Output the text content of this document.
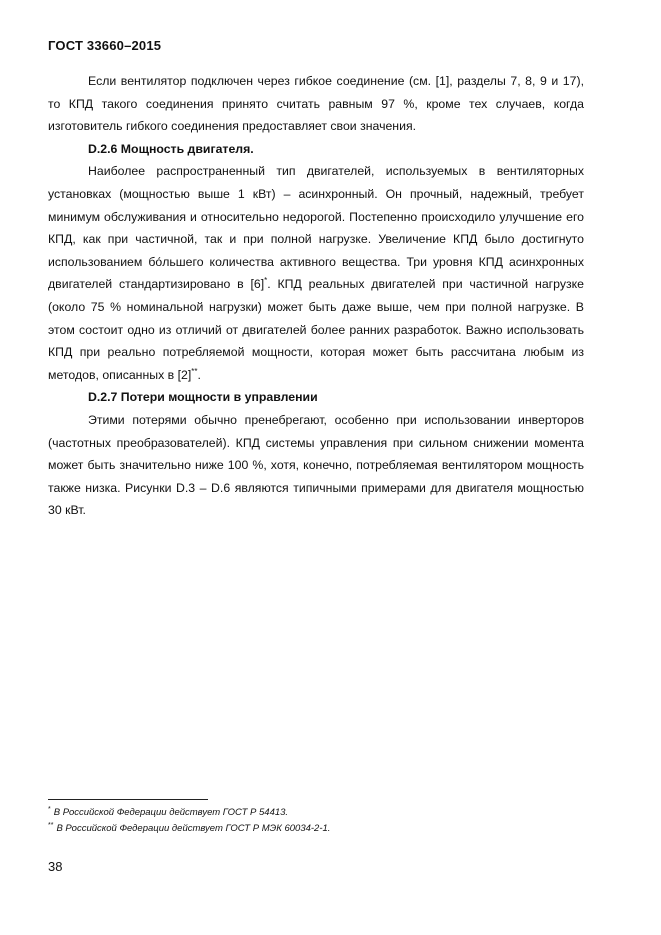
ГОСТ 33660–2015

Если вентилятор подключен через гибкое соединение (см. [1], разделы 7, 8, 9 и 17), то КПД такого соединения принято считать равным 97 %, кроме тех случаев, когда изготовитель гибкого соединения предоставляет свои значения.

D.2.6 Мощность двигателя.

Наиболее распространенный тип двигателей, используемых в вентиляторных установках (мощностью выше 1 кВт) – асинхронный. Он прочный, надежный, требует минимум обслуживания и относительно недорогой. Постепенно происходило улучшение его КПД, как при частичной, так и при полной нагрузке. Увеличение КПД было достигнуто использованием бо́льшего количества активного вещества. Три уровня КПД асинхронных двигателей стандартизировано в [6]*. КПД реальных двигателей при частичной нагрузке (около 75 % номинальной нагрузки) может быть даже выше, чем при полной нагрузке. В этом состоит одно из отличий от двигателей более ранних разработок. Важно использовать КПД при реально потребляемой мощности, которая может быть рассчитана любым из методов, описанных в [2]**.

D.2.7 Потери мощности в управлении

Этими потерями обычно пренебрегают, особенно при использовании инверторов (частотных преобразователей). КПД системы управления при сильном снижении момента может быть значительно ниже 100 %, хотя, конечно, потребляемая вентилятором мощность также низка. Рисунки D.3 – D.6 являются типичными примерами для двигателя мощностью 30 кВт.

* В Российской Федерации действует ГОСТ Р 54413.
** В Российской Федерации действует ГОСТ Р МЭК 60034-2-1.
38
